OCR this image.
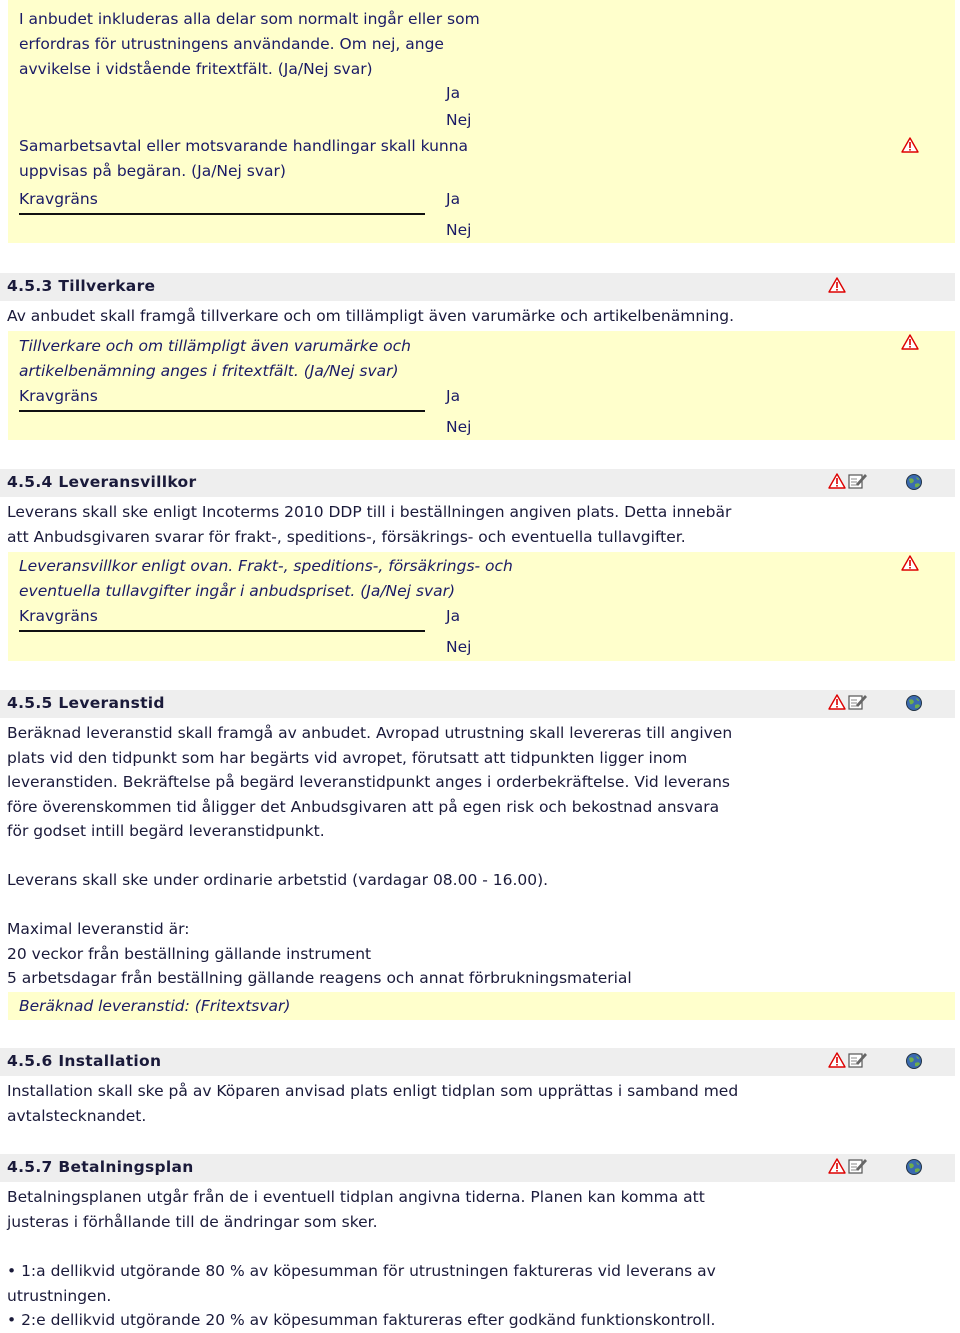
I anbudet inkluderas alla delar som normalt ingår eller som
erfordras för utrustningens användande. Om nej, ange
avvikelse i vidstående fritextfält. (Ja/Nej svar)
Ja
Nej
Samarbetsavtal eller motsvarande handlingar skall kunna
uppvisas på begäran. (Ja/Nej svar)
Kravgräns	Ja
Nej
4.5.3 Tillverkare
Av anbudet skall framgå tillverkare och om tillämpligt även varumärke och artikelbenämning.
Tillverkare och om tillämpligt även varumärke och
artikelbenämning anges i fritextfält. (Ja/Nej svar)
Kravgräns	Ja
Nej
4.5.4 Leveransvillkor
Leverans skall ske enligt Incoterms 2010 DDP till i beställningen angiven plats. Detta innebär
att Anbudsgivaren svarar för frakt-, speditions-, försäkrings- och eventuella tullavgifter.
Leveransvillkor enligt ovan. Frakt-, speditions-, försäkrings- och
eventuella tullavgifter ingår i anbudspriset. (Ja/Nej svar)
Kravgräns	Ja
Nej
4.5.5 Leveranstid
Beräknad leveranstid skall framgå av anbudet. Avropad utrustning skall levereras till angiven
plats vid den tidpunkt som har begärts vid avropet, förutsatt att tidpunkten ligger inom
leveranstiden. Bekräftelse på begärd leveranstidpunkt anges i orderbekräftelse. Vid leverans
före överenskommen tid åligger det Anbudsgivaren att på egen risk och bekostnad ansvara
för godset intill begärd leveranstidpunkt.
Leverans skall ske under ordinarie arbetstid (vardagar 08.00 - 16.00).
Maximal leveranstid är:
20 veckor från beställning gällande instrument
5 arbetsdagar från beställning gällande reagens och annat förbrukningsmaterial
Beräknad leveranstid: (Fritextsvar)
4.5.6 Installation
Installation skall ske på av Köparen anvisad plats enligt tidplan som upprättas i samband med
avtalstecknandet.
4.5.7 Betalningsplan
Betalningsplanen utgår från de i eventuell tidplan angivna tiderna. Planen kan komma att
justeras i förhållande till de ändringar som sker.
• 1:a dellikvid utgörande 80 % av köpesumman för utrustningen faktureras vid leverans av
utrustningen.
• 2:e dellikvid utgörande 20 % av köpesumman faktureras efter godkänd funktionskontroll.
